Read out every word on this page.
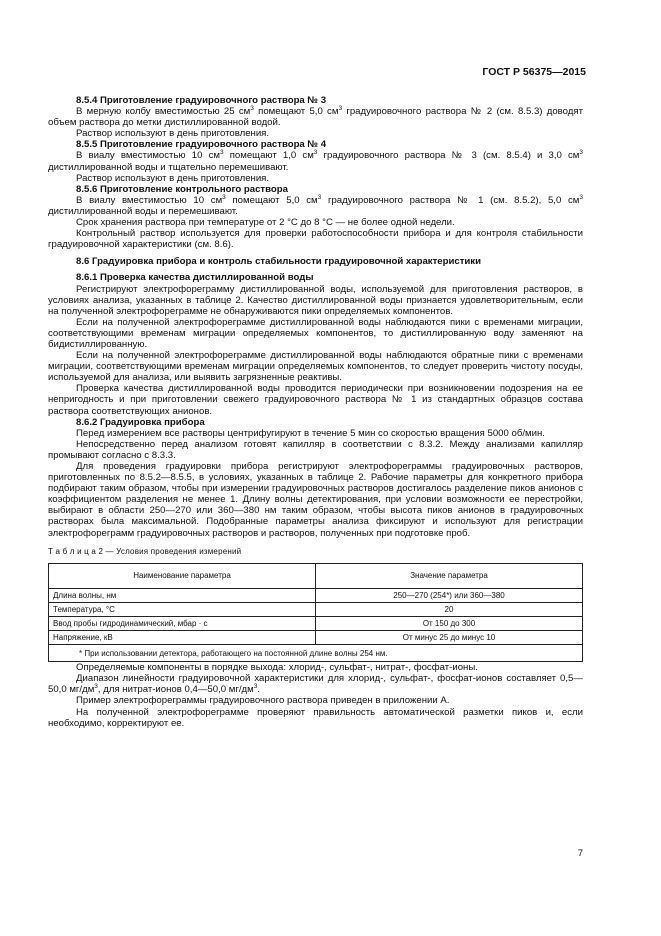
ГОСТ Р 56375—2015

8.5.4 Приготовление градуировочного раствора № 3

В мерную колбу вместимостью 25 $см^3$ помещают 5,0 $см^3$ градуировочного раствора № 2 (см. 8.5.3) доводят объем раствора до метки дистиллированной водой.

Раствор используют в день приготовления.

8.5.5 Приготовление градуировочного раствора № 4

В виалу вместимостью 10 $см^3$ помещают 1,0 $см^3$ градуировочного раствора № 3 (см. 8.5.4) и 3,0 $см^3$ дистиллированной воды и тщательно перемешивают.

Раствор используют в день приготовления.

8.5.6 Приготовление контрольного раствора

В виалу вместимостью 10 $см^3$ помещают 5,0 $см^3$ градуировочного раствора № 1 (см. 8.5.2), 5,0 $см^3$ дистиллированной воды и перемешивают.

Срок хранения раствора при температуре от 2 °С до 8 °С — не более одной недели.

Контрольный раствор используется для проверки работоспособности прибора и для контроля стабильности градуировочной характеристики (см. 8.6).

8.6 Градуировка прибора и контроль стабильности градуировочной характеристики

8.6.1 Проверка качества дистиллированной воды

Регистрируют электрофореграмму дистиллированной воды, используемой для приготовления растворов, в условиях анализа, указанных в таблице 2. Качество дистиллированной воды признается удовлетворительным, если на полученной электрофореграмме не обнаруживаются пики определяемых компонентов.

Если на полученной электрофореграмме дистиллированной воды наблюдаются пики с временами миграции, соответствующими временам миграции определяемых компонентов, то дистиллированную воду заменяют на бидистиллированную.

Если на полученной электрофореграмме дистиллированной воды наблюдаются обратные пики с временами миграции, соответствующими временам миграции определяемых компонентов, то следует проверить чистоту посуды, используемой для анализа, или выявить загрязненные реактивы.

Проверка качества дистиллированной воды проводится периодически при возникновении подозрения на ее непригодность и при приготовлении свежего градуировочного раствора № 1 из стандартных образцов состава раствора соответствующих анионов.

8.6.2 Градуировка прибора

Перед измерением все растворы центрифугируют в течение 5 мин со скоростью вращения 5000 об/мин.

Непосредственно перед анализом готовят капилляр в соответствии с 8.3.2. Между анализами капилляр промывают согласно с 8.3.3.

Для проведения градуировки прибора регистрируют электрофореграммы градуировочных растворов, приготовленных по 8.5.2—8.5.5, в условиях, указанных в таблице 2. Рабочие параметры для конкретного прибора подбирают таким образом, чтобы при измерении градуировочных растворов достигалось разделение пиков анионов с коэффициентом разделения не менее 1. Длину волны детектирования, при условии возможности ее перестройки, выбирают в области 250—270 или 360—380 нм таким образом, чтобы высота пиков анионов в градуировочных растворах была максимальной. Подобранные параметры анализа фиксируют и используют для регистрации электрофореграмм градуировочных растворов и растворов, полученных при подготовке проб.

Т а б л и ц а 2 — Условия проведения измерений

Наименование параметра	Значение параметра
Длина волны, нм	250—270 (254*) или 360—380
Температура, °С	20
Ввод пробы гидродинамический, мбар · с	От 150 до 300
Напряжение, кВ	От минус 25 до минус 10
* При использовании детектора, работающего на постоянной длине волны 254 нм.	

Определяемые компоненты в порядке выхода: хлорид-, сульфат-, нитрат-, фосфат-ионы.

Диапазон линейности градуировочной характеристики для хлорид-, сульфат-, фосфат-ионов составляет 0,5—50,0 $мг/дм^3$, для нитрат-ионов 0,4—50,0 $мг/дм^3$.

Пример электрофореграммы градуировочного раствора приведен в приложении А.

На полученной электрофореграмме проверяют правильность автоматической разметки пиков и, если необходимо, корректируют ее.

7
